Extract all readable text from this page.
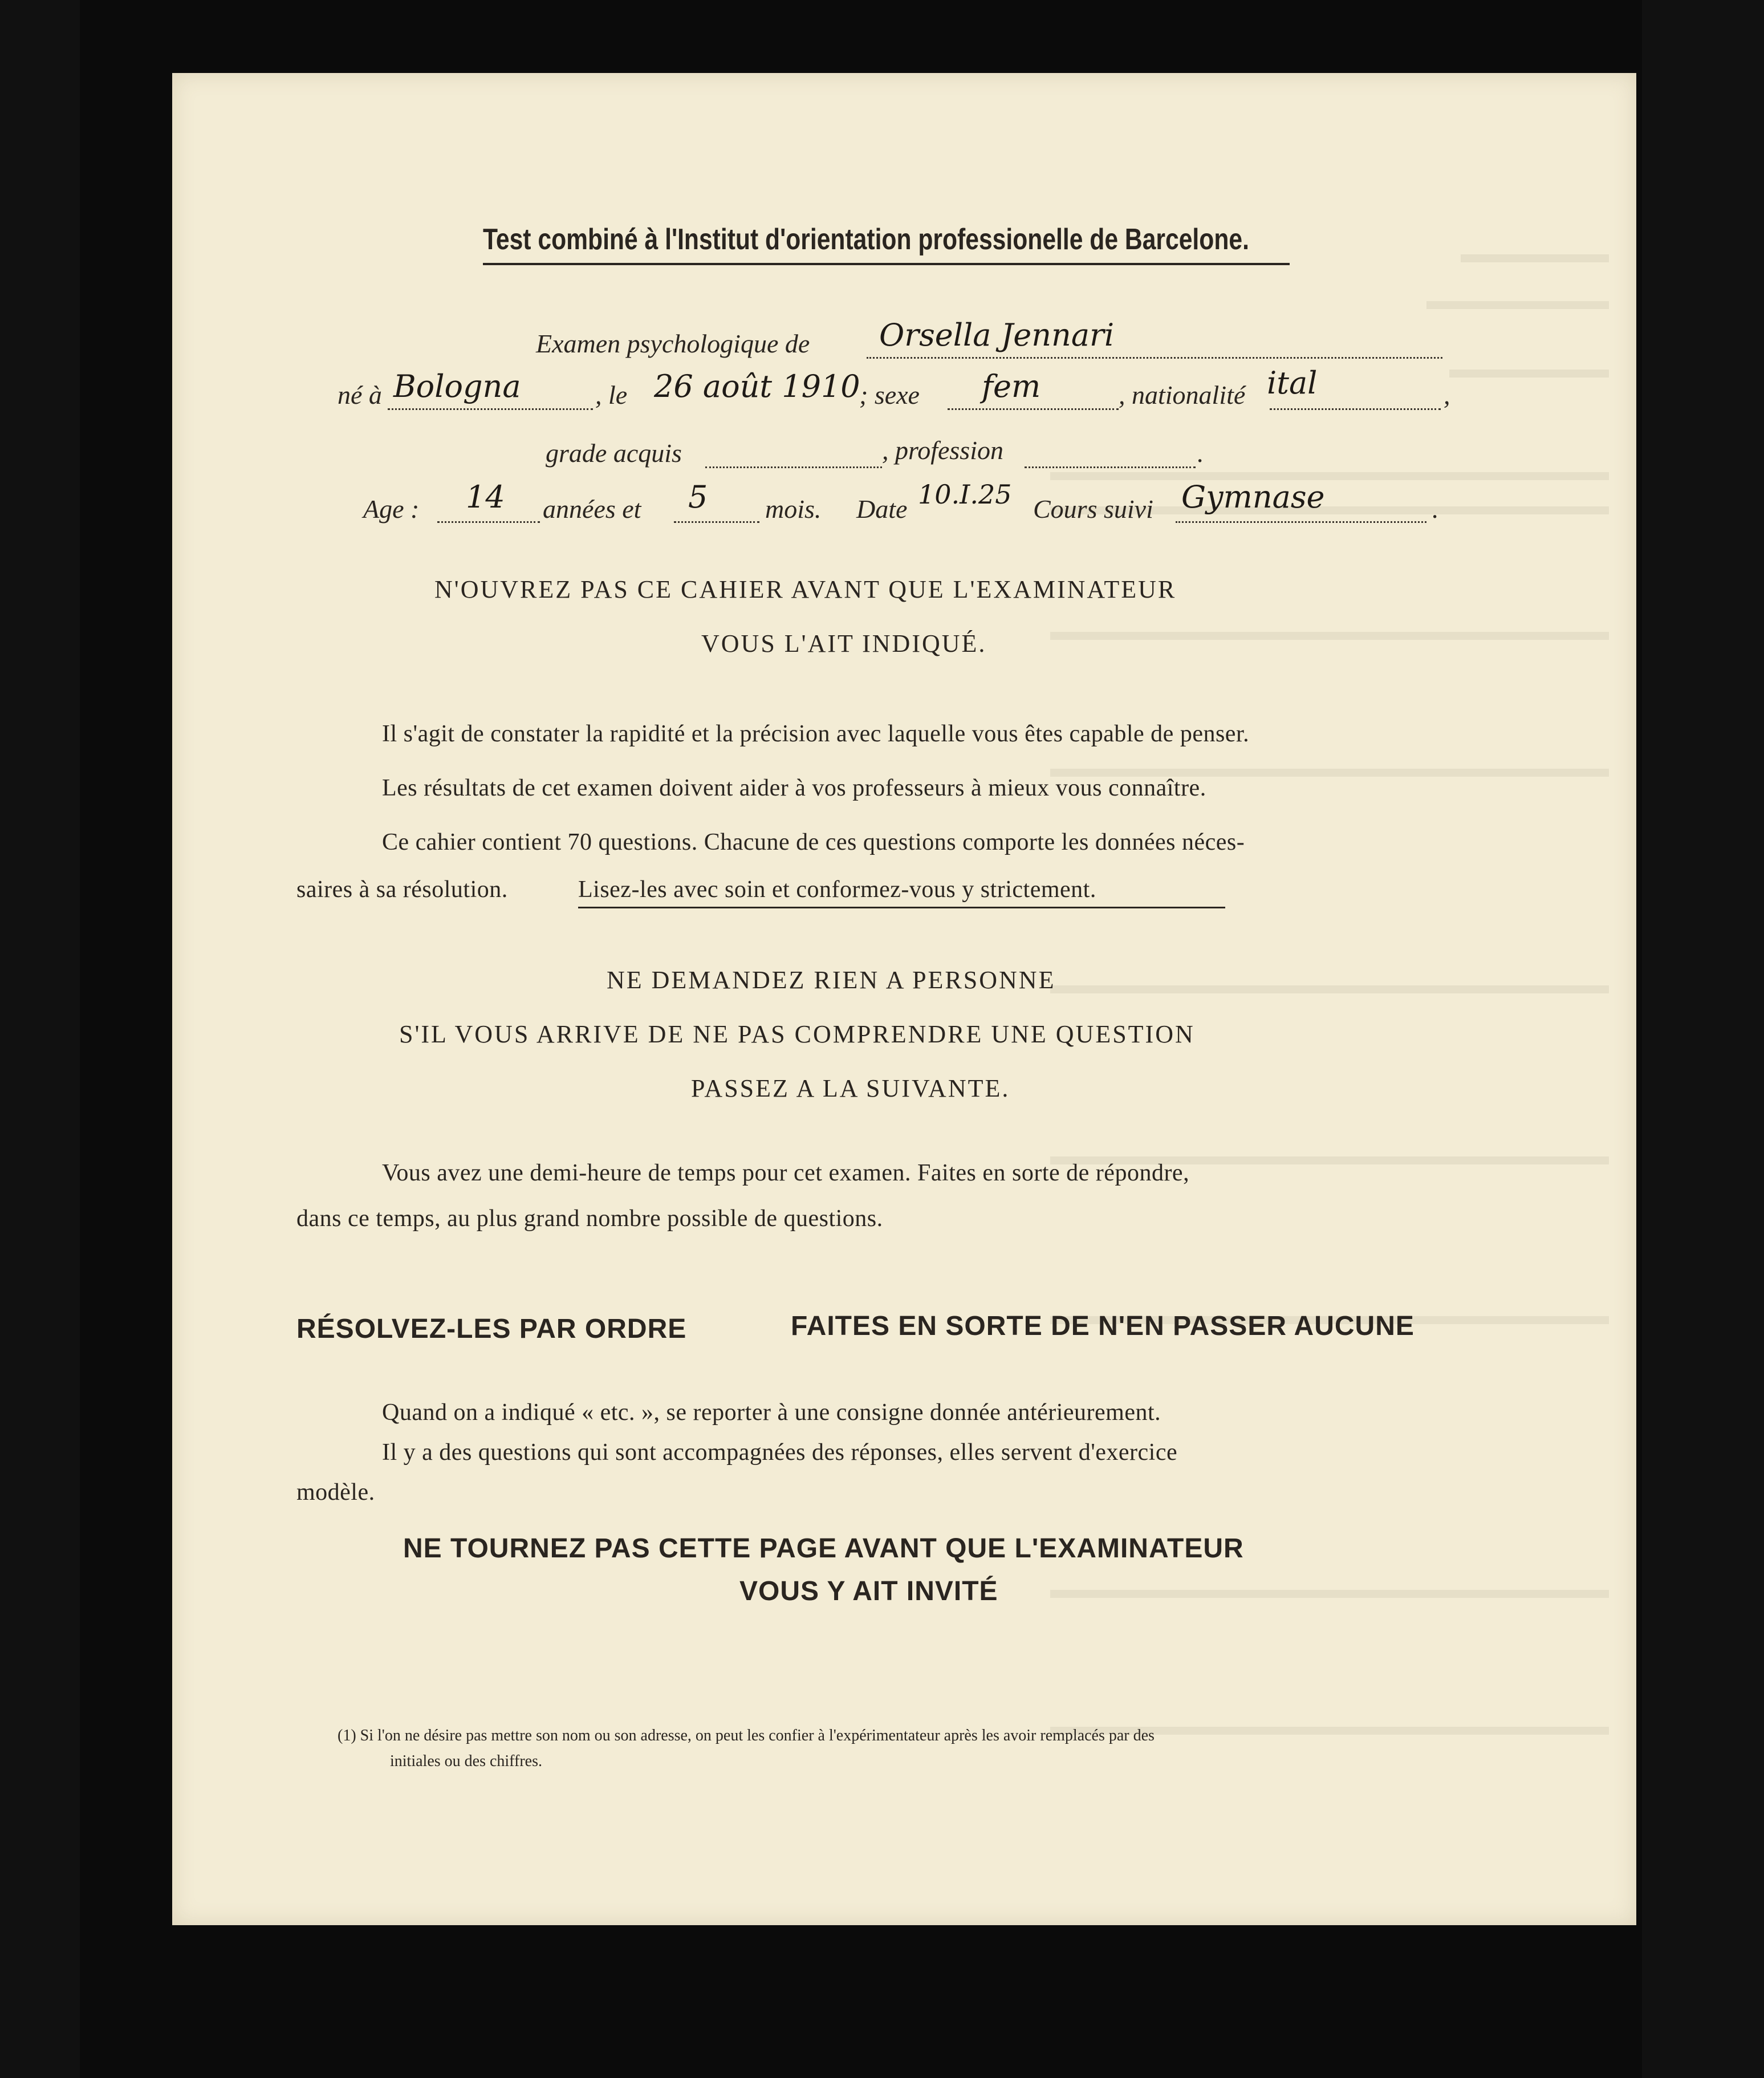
Test combiné à l'Institut d'orientation professionelle de Barcelone.
Examen psychologique de Orsella Jennari
né à Bologna	, le 26 août 1910
; sexe fem	, nationalité ital	,
grade acquis	, profession	.
Age : 14 années et 5 mois. Date 10.I.25 Cours suivi Gymnase	.
N'OUVREZ PAS CE CAHIER AVANT QUE L'EXAMINATEUR
VOUS L'AIT INDIQUÉ.
Il s'agit de constater la rapidité et la précision avec laquelle vous êtes capable de penser.
Les résultats de cet examen doivent aider à vos professeurs à mieux vous connaître.
Ce cahier contient 70 questions. Chacune de ces questions comporte les données néces-
saires à sa résolution.	Lisez-les avec soin et conformez-vous y strictement.
NE DEMANDEZ RIEN A PERSONNE
S'IL VOUS ARRIVE DE NE PAS COMPRENDRE UNE QUESTION
PASSEZ A LA SUIVANTE.
Vous avez une demi-heure de temps pour cet examen. Faites en sorte de répondre,
dans ce temps, au plus grand nombre possible de questions.
RÉSOLVEZ-LES PAR ORDRE	FAITES EN SORTE DE N'EN PASSER AUCUNE
Quand on a indiqué « etc. », se reporter à une consigne donnée antérieurement.
Il y a des questions qui sont accompagnées des réponses, elles servent d'exercice
modèle.
NE TOURNEZ PAS CETTE PAGE AVANT QUE L'EXAMINATEUR
VOUS Y AIT INVITÉ
(1) Si l'on ne désire pas mettre son nom ou son adresse, on peut les confier à l'expérimentateur après les avoir remplacés par des
initiales ou des chiffres.
